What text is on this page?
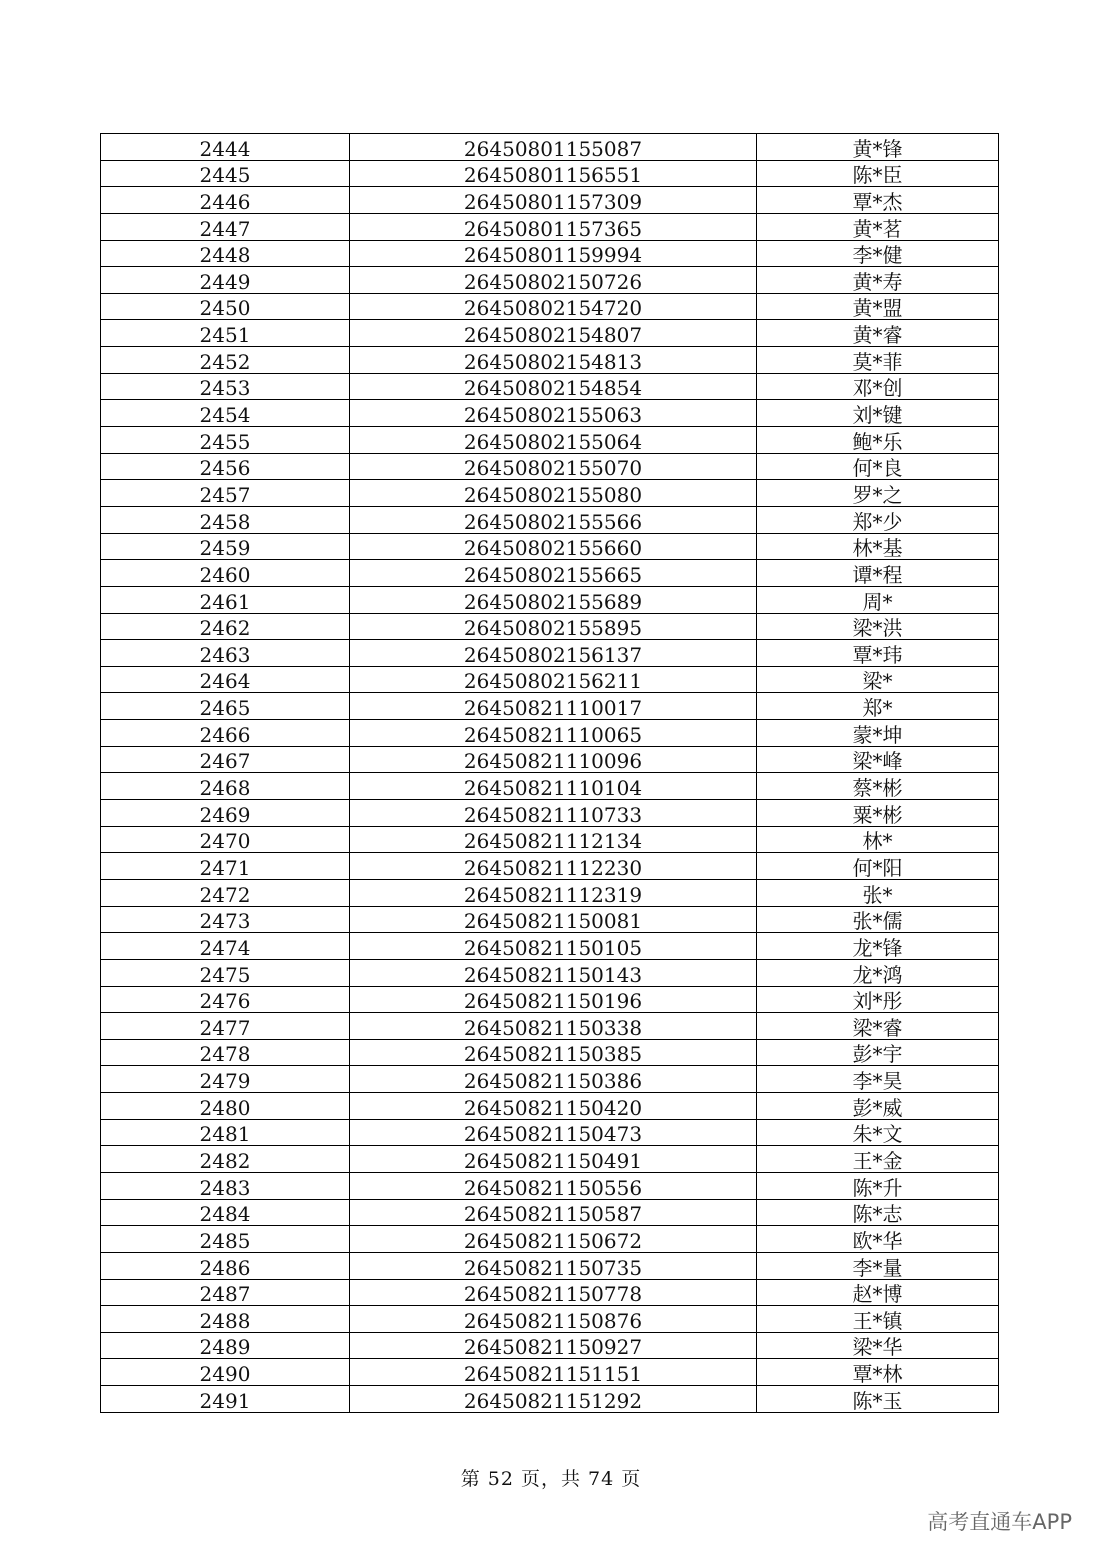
2444	26450801155087	黄*锋
2445	26450801156551	陈*臣
2446	26450801157309	覃*杰
2447	26450801157365	黄*茗
2448	26450801159994	李*健
2449	26450802150726	黄*寿
2450	26450802154720	黄*盟
2451	26450802154807	黄*睿
2452	26450802154813	莫*菲
2453	26450802154854	邓*创
2454	26450802155063	刘*键
2455	26450802155064	鲍*乐
2456	26450802155070	何*良
2457	26450802155080	罗*之
2458	26450802155566	郑*少
2459	26450802155660	林*基
2460	26450802155665	谭*程
2461	26450802155689	周*
2462	26450802155895	梁*洪
2463	26450802156137	覃*玮
2464	26450802156211	梁*
2465	26450821110017	郑*
2466	26450821110065	蒙*坤
2467	26450821110096	梁*峰
2468	26450821110104	蔡*彬
2469	26450821110733	粟*彬
2470	26450821112134	林*
2471	26450821112230	何*阳
2472	26450821112319	张*
2473	26450821150081	张*儒
2474	26450821150105	龙*锋
2475	26450821150143	龙*鸿
2476	26450821150196	刘*彤
2477	26450821150338	梁*睿
2478	26450821150385	彭*宇
2479	26450821150386	李*昊
2480	26450821150420	彭*威
2481	26450821150473	朱*文
2482	26450821150491	王*金
2483	26450821150556	陈*升
2484	26450821150587	陈*志
2485	26450821150672	欧*华
2486	26450821150735	李*量
2487	26450821150778	赵*博
2488	26450821150876	王*镇
2489	26450821150927	梁*华
2490	26450821151151	覃*林
2491	26450821151292	陈*玉
第 52 页，共 74 页
高考直通车APP
